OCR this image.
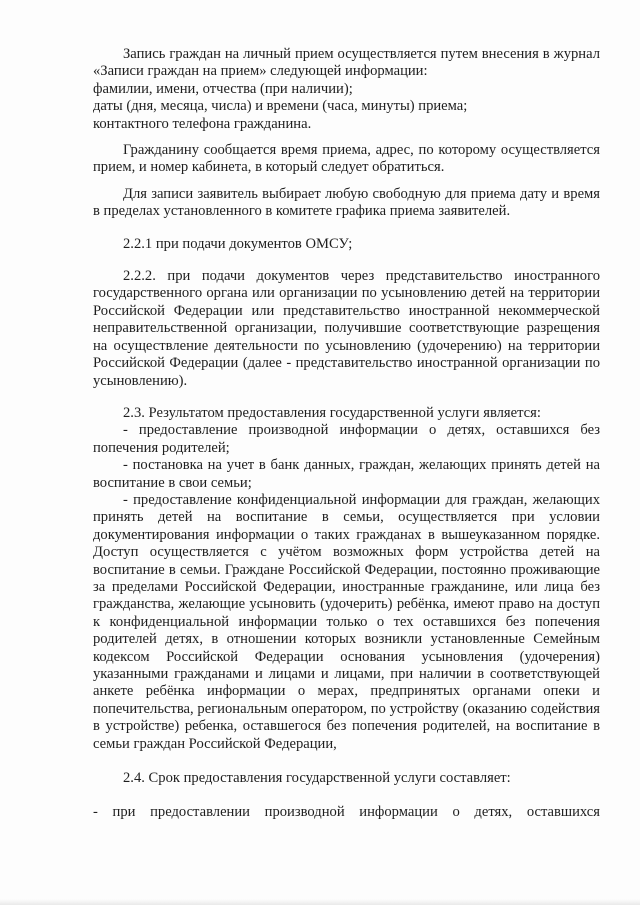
Запись граждан на личный прием осуществляется путем внесения в журнал «Записи граждан на прием» следующей информации:

фамилии, имени, отчества (при наличии);

даты (дня, месяца, числа) и времени (часа, минуты) приема;

контактного телефона гражданина.

Гражданину сообщается время приема, адрес, по которому осуществляется прием, и номер кабинета, в который следует обратиться.

Для записи заявитель выбирает любую свободную для приема дату и время в пределах установленного в комитете графика приема заявителей.

2.2.1 при подачи документов ОМСУ;

2.2.2. при подачи документов через представительство иностранного государственного органа или организации по усыновлению детей на территории Российской Федерации или представительство иностранной некоммерческой неправительственной организации, получившие соответствующие разрещения на осуществление деятельности по усыновлению (удочерению) на территории Российской Федерации (далее - представительство иностранной организации по усыновлению).

2.3. Результатом предоставления государственной услуги является:

- предоставление производной информации о детях, оставшихся без попечения родителей;

- постановка на учет в банк данных, граждан, желающих принять детей на воспитание в свои семьи;

- предоставление конфиденциальной информации для граждан, желающих принять детей на воспитание в семьи, осуществляется при условии документирования информации о таких гражданах в вышеуказанном порядке. Доступ осуществляется с учётом возможных форм устройства детей на воспитание в семьи. Граждане Российской Федерации, постоянно проживающие за пределами Российской Федерации, иностранные гражданине, или лица без гражданства, желающие усыновить (удочерить) ребёнка, имеют право на доступ к конфиденциальной информации только о тех оставшихся без попечения родителей детях, в отношении которых возникли установленные Семейным кодексом Российской Федерации основания усыновления (удочерения) указанными гражданами и лицами и лицами, при наличии в соответствующей анкете ребёнка информации о мерах, предпринятых органами опеки и попечительства, региональным оператором, по устройству (оказанию содействия в устройстве) ребенка, оставшегося без попечения родителей, на воспитание в семьи граждан Российской Федерации,

2.4. Срок предоставления государственной услуги составляет:

- при предоставлении производной информации о детях, оставшихся
